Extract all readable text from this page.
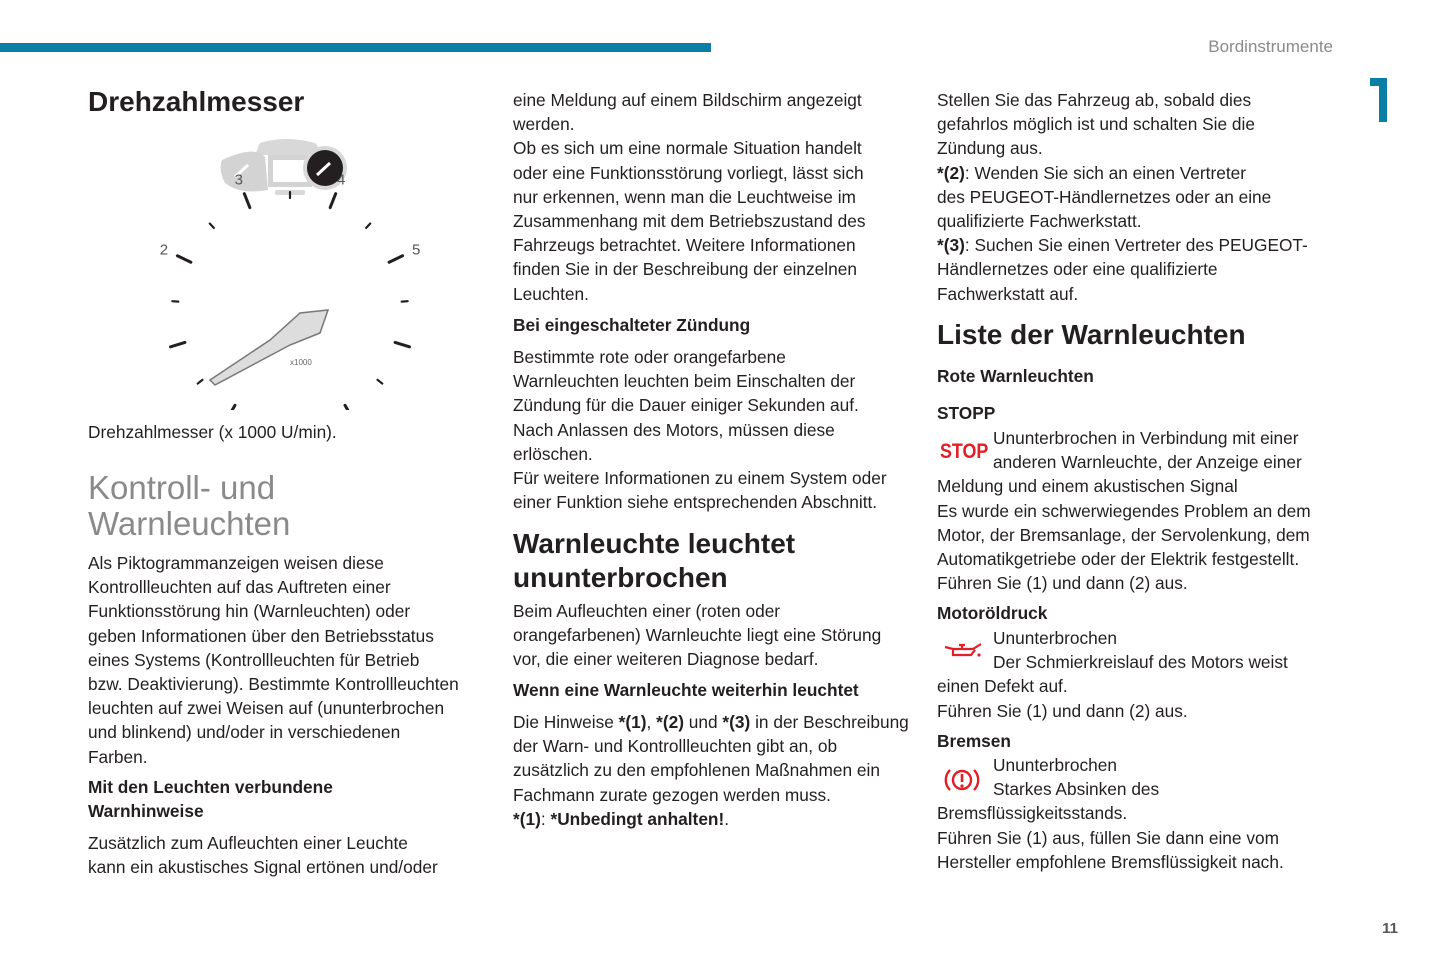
Bordinstrumente
11
2
3	4
5
x1000
STOP
Drehzahlmesser
Drehzahlmesser (x 1000 U/min).
Kontroll- und
Warnleuchten
Als Piktogrammanzeigen weisen diese
Kontrollleuchten auf das Auftreten einer
Funktionsstörung hin (Warnleuchten) oder
geben Informationen über den Betriebsstatus
eines Systems (Kontrollleuchten für Betrieb
bzw. Deaktivierung). Bestimmte Kontrollleuchten
leuchten auf zwei Weisen auf (ununterbrochen
und blinkend) und/oder in verschiedenen
Farben.
Mit den Leuchten verbundene
Warnhinweise
Zusätzlich zum Aufleuchten einer Leuchte
kann ein akustisches Signal ertönen und/oder
eine Meldung auf einem Bildschirm angezeigt
werden.
Ob es sich um eine normale Situation handelt
oder eine Funktionsstörung vorliegt, lässt sich
nur erkennen, wenn man die Leuchtweise im
Zusammenhang mit dem Betriebszustand des
Fahrzeugs betrachtet. Weitere Informationen
finden Sie in der Beschreibung der einzelnen
Leuchten.
Bei eingeschalteter Zündung
Bestimmte rote oder orangefarbene
Warnleuchten leuchten beim Einschalten der
Zündung für die Dauer einiger Sekunden auf.
Nach Anlassen des Motors, müssen diese
erlöschen.
Für weitere Informationen zu einem System oder
einer Funktion siehe entsprechenden Abschnitt.
Warnleuchte leuchtet
ununterbrochen
Beim Aufleuchten einer (roten oder
orangefarbenen) Warnleuchte liegt eine Störung
vor, die einer weiteren Diagnose bedarf.
Wenn eine Warnleuchte weiterhin leuchtet
Die Hinweise *(1), *(2) und *(3) in der Beschreibung
der Warn- und Kontrollleuchten gibt an, ob
zusätzlich zu den empfohlenen Maßnahmen ein
Fachmann zurate gezogen werden muss.
*(1): *Unbedingt anhalten!.
Stellen Sie das Fahrzeug ab, sobald dies
gefahrlos möglich ist und schalten Sie die
Zündung aus.
*(2): Wenden Sie sich an einen Vertreter
des PEUGEOT-Händlernetzes oder an eine
qualifizierte Fachwerkstatt.
*(3): Suchen Sie einen Vertreter des PEUGEOT-
Händlernetzes oder eine qualifizierte
Fachwerkstatt auf.
Liste der Warnleuchten
Rote Warnleuchten
STOPP
Ununterbrochen in Verbindung mit einer
anderen Warnleuchte, der Anzeige einer
Meldung und einem akustischen Signal
Es wurde ein schwerwiegendes Problem an dem
Motor, der Bremsanlage, der Servolenkung, dem
Automatikgetriebe oder der Elektrik festgestellt.
Führen Sie (1) und dann (2) aus.
Motoröldruck
Ununterbrochen
Der Schmierkreislauf des Motors weist
einen Defekt auf.
Führen Sie (1) und dann (2) aus.
Bremsen
Ununterbrochen
Starkes Absinken des
Bremsflüssigkeitsstands.
Führen Sie (1) aus, füllen Sie dann eine vom
Hersteller empfohlene Bremsflüssigkeit nach.
